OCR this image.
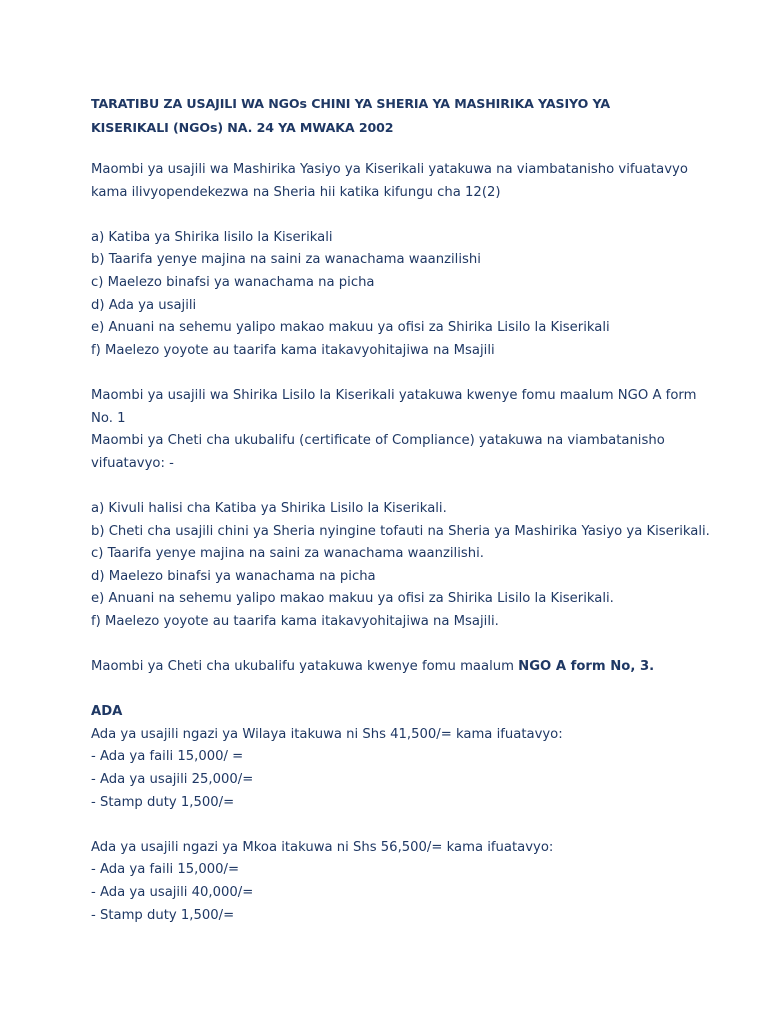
TARATIBU ZA USAJILI WA NGOs CHINI YA SHERIA YA MASHIRIKA YASIYO YA
KISERIKALI (NGOs) NA. 24 YA MWAKA 2002
Maombi ya usajili wa Mashirika Yasiyo ya Kiserikali yatakuwa na viambatanisho vifuatavyo
kama ilivyopendekezwa na Sheria hii katika kifungu cha 12(2)
a) Katiba ya Shirika lisilo la Kiserikali
b) Taarifa yenye majina na saini za wanachama waanzilishi
c) Maelezo binafsi ya wanachama na picha
d) Ada ya usajili
e) Anuani na sehemu yalipo makao makuu ya ofisi za Shirika Lisilo la Kiserikali
f) Maelezo yoyote au taarifa kama itakavyohitajiwa na Msajili
Maombi ya usajili wa Shirika Lisilo la Kiserikali yatakuwa kwenye fomu maalum NGO A form
No. 1
Maombi ya Cheti cha ukubalifu (certificate of Compliance) yatakuwa na viambatanisho
vifuatavyo: -
a) Kivuli halisi cha Katiba ya Shirika Lisilo la Kiserikali.
b) Cheti cha usajili chini ya Sheria nyingine tofauti na Sheria ya Mashirika Yasiyo ya Kiserikali.
c) Taarifa yenye majina na saini za wanachama waanzilishi.
d) Maelezo binafsi ya wanachama na picha
e) Anuani na sehemu yalipo makao makuu ya ofisi za Shirika Lisilo la Kiserikali.
f) Maelezo yoyote au taarifa kama itakavyohitajiwa na Msajili.
Maombi ya Cheti cha ukubalifu yatakuwa kwenye fomu maalum NGO A form No, 3.
ADA
Ada ya usajili ngazi ya Wilaya itakuwa ni Shs 41,500/= kama ifuatavyo:
- Ada ya faili 15,000/ =
- Ada ya usajili 25,000/=
- Stamp duty 1,500/=
Ada ya usajili ngazi ya Mkoa itakuwa ni Shs 56,500/= kama ifuatavyo:
- Ada ya faili 15,000/=
- Ada ya usajili 40,000/=
- Stamp duty 1,500/=
